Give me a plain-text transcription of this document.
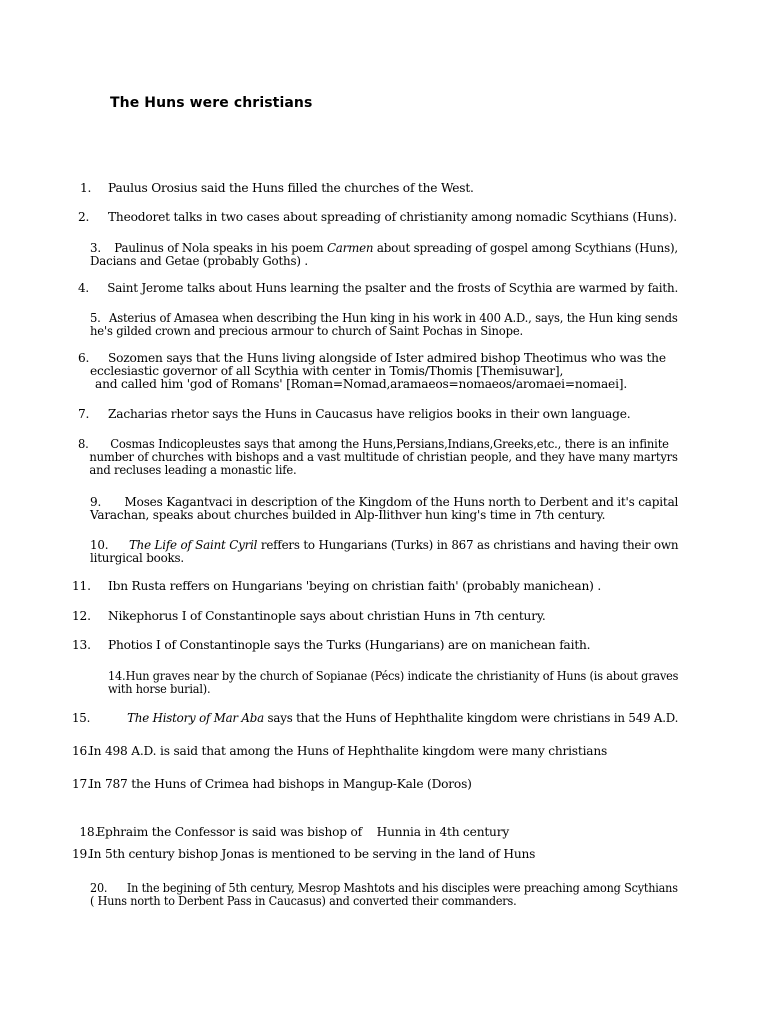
The Huns were christians
1. Paulus Orosius said the Huns filled the churches of the West.
2. Theodoret talks in two cases about spreading of christianity among nomadic Scythians (Huns).
3. Paulinus of Nola speaks in his poem Carmen about spreading of gospel among Scythians (Huns),
Dacians and Getae (probably Goths) .
4. Saint Jerome talks about Huns learning the psalter and the frosts of Scythia are warmed by faith.
5. Asterius of Amasea when describing the Hun king in his work in 400 A.D., says, the Hun king sends
he's gilded crown and precious armour to church of Saint Pochas in Sinope.
6. Sozomen says that the Huns living alongside of Ister admired bishop Theotimus who was the
ecclesiastic governor of all Scythia with center in Tomis/Thomis [Themisuwar],
and called him 'god of Romans' [Roman=Nomad,aramaeos=nomaeos/aromaei=nomaei].
7. Zacharias rhetor says the Huns in Caucasus have religios books in their own language.
8. Cosmas Indicopleustes says that among the Huns,Persians,Indians,Greeks,etc., there is an infinite
number of churches with bishops and a vast multitude of christian people, and they have many martyrs
and recluses leading a monastic life.
9. Moses Kagantvaci in description of the Kingdom of the Huns north to Derbent and it's capital
Varachan, speaks about churches builded in Alp-Ilithver hun king's time in 7th century.
10. The Life of Saint Cyril reffers to Hungarians (Turks) in 867 as christians and having their own
liturgical books.
11. Ibn Rusta reffers on Hungarians 'beying on christian faith' (probably manichean) .
12. Nikephorus I of Constantinople says about christian Huns in 7th century.
13. Photios I of Constantinople says the Turks (Hungarians) are on manichean faith.
14.Hun graves near by the church of Sopianae (Pécs) indicate the christianity of Huns (is about graves
with horse burial).
15.	The History of Mar Aba says that the Huns of Hephthalite kingdom were christians in 549 A.D.
16.In 498 A.D. is said that among the Huns of Hephthalite kingdom were many christians
17.In 787 the Huns of Crimea had bishops in Mangup-Kale (Doros)

18.Ephraim the Confessor is said was bishop of    Hunnia in 4th century

19.In 5th century bishop Jonas is mentioned to be serving in the land of Huns
20. In the begining of 5th century, Mesrop Mashtots and his disciples were preaching among Scythians
( Huns north to Derbent Pass in Caucasus) and converted their commanders.
